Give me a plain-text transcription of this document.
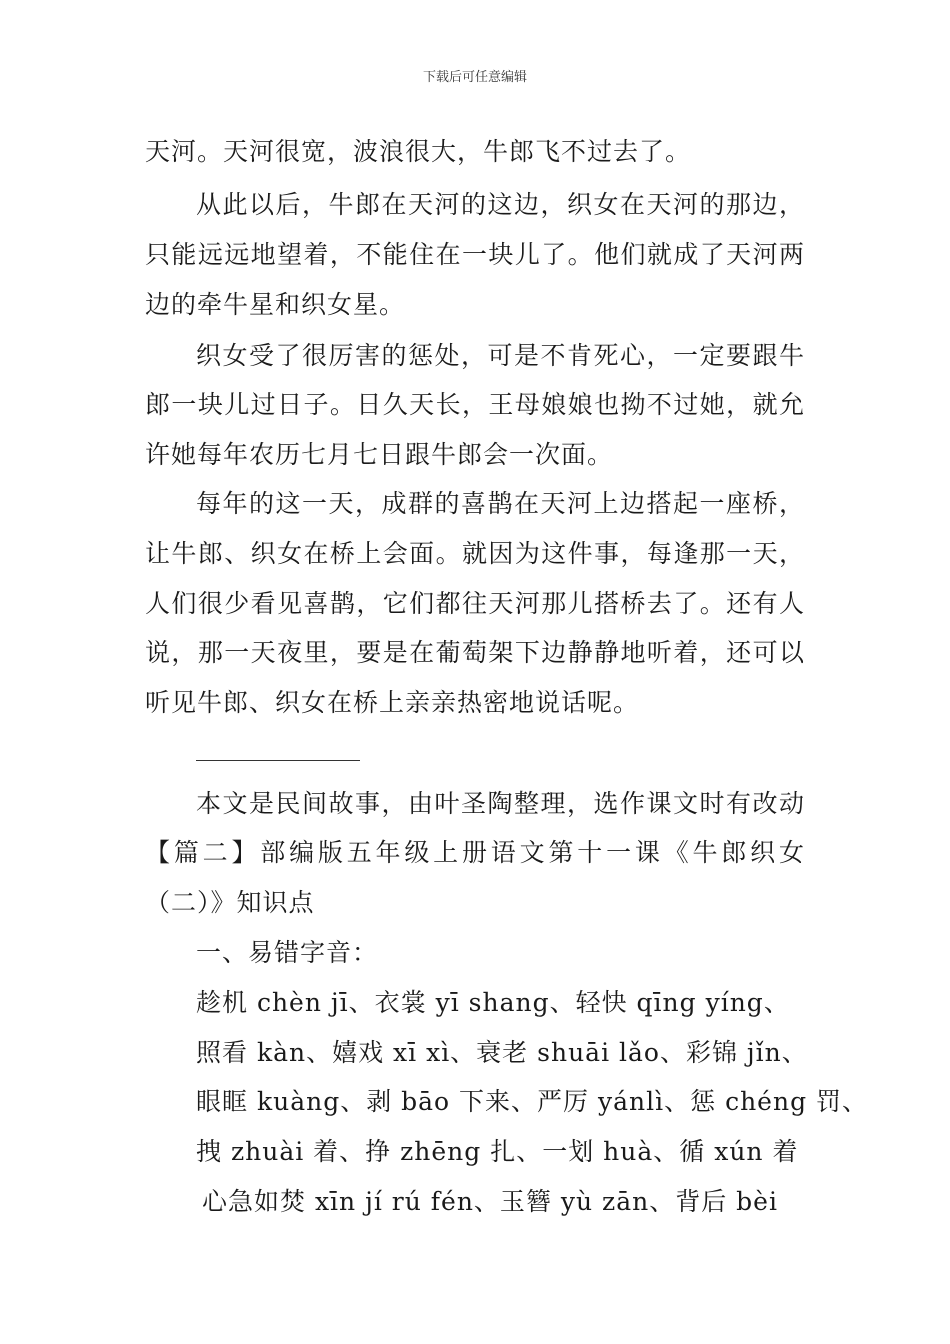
下载后可任意编辑
天河。天河很宽，波浪很大，牛郎飞不过去了。
从此以后，牛郎在天河的这边，织女在天河的那边，
只能远远地望着，不能住在一块儿了。他们就成了天河两
边的牵牛星和织女星。
织女受了很厉害的惩处，可是不肯死心，一定要跟牛
郎一块儿过日子。日久天长，王母娘娘也拗不过她，就允
许她每年农历七月七日跟牛郎会一次面。
每年的这一天，成群的喜鹊在天河上边搭起一座桥，
让牛郎、织女在桥上会面。就因为这件事，每逢那一天，
人们很少看见喜鹊，它们都往天河那儿搭桥去了。还有人
说，那一天夜里，要是在葡萄架下边静静地听着，还可以
听见牛郎、织女在桥上亲亲热密地说话呢。
本文是民间故事，由叶圣陶整理，选作课文时有改动
【篇二】部编版五年级上册语文第十一课《牛郎织女
（二）》知识点
一、易错字音：
趁机 chèn jī、衣裳 yī shang、轻快 qīng yíng、
照看 kàn、嬉戏 xī xì、衰老 shuāi lǎo、彩锦 jǐn、
眼眶 kuàng、剥 bāo 下来、严厉 yánlì、惩 chéng 罚、
拽 zhuài 着、挣 zhēng 扎、一划 huà、循 xún 着
心急如焚 xīn jí rú fén、玉簪 yù zān、背后 bèi
